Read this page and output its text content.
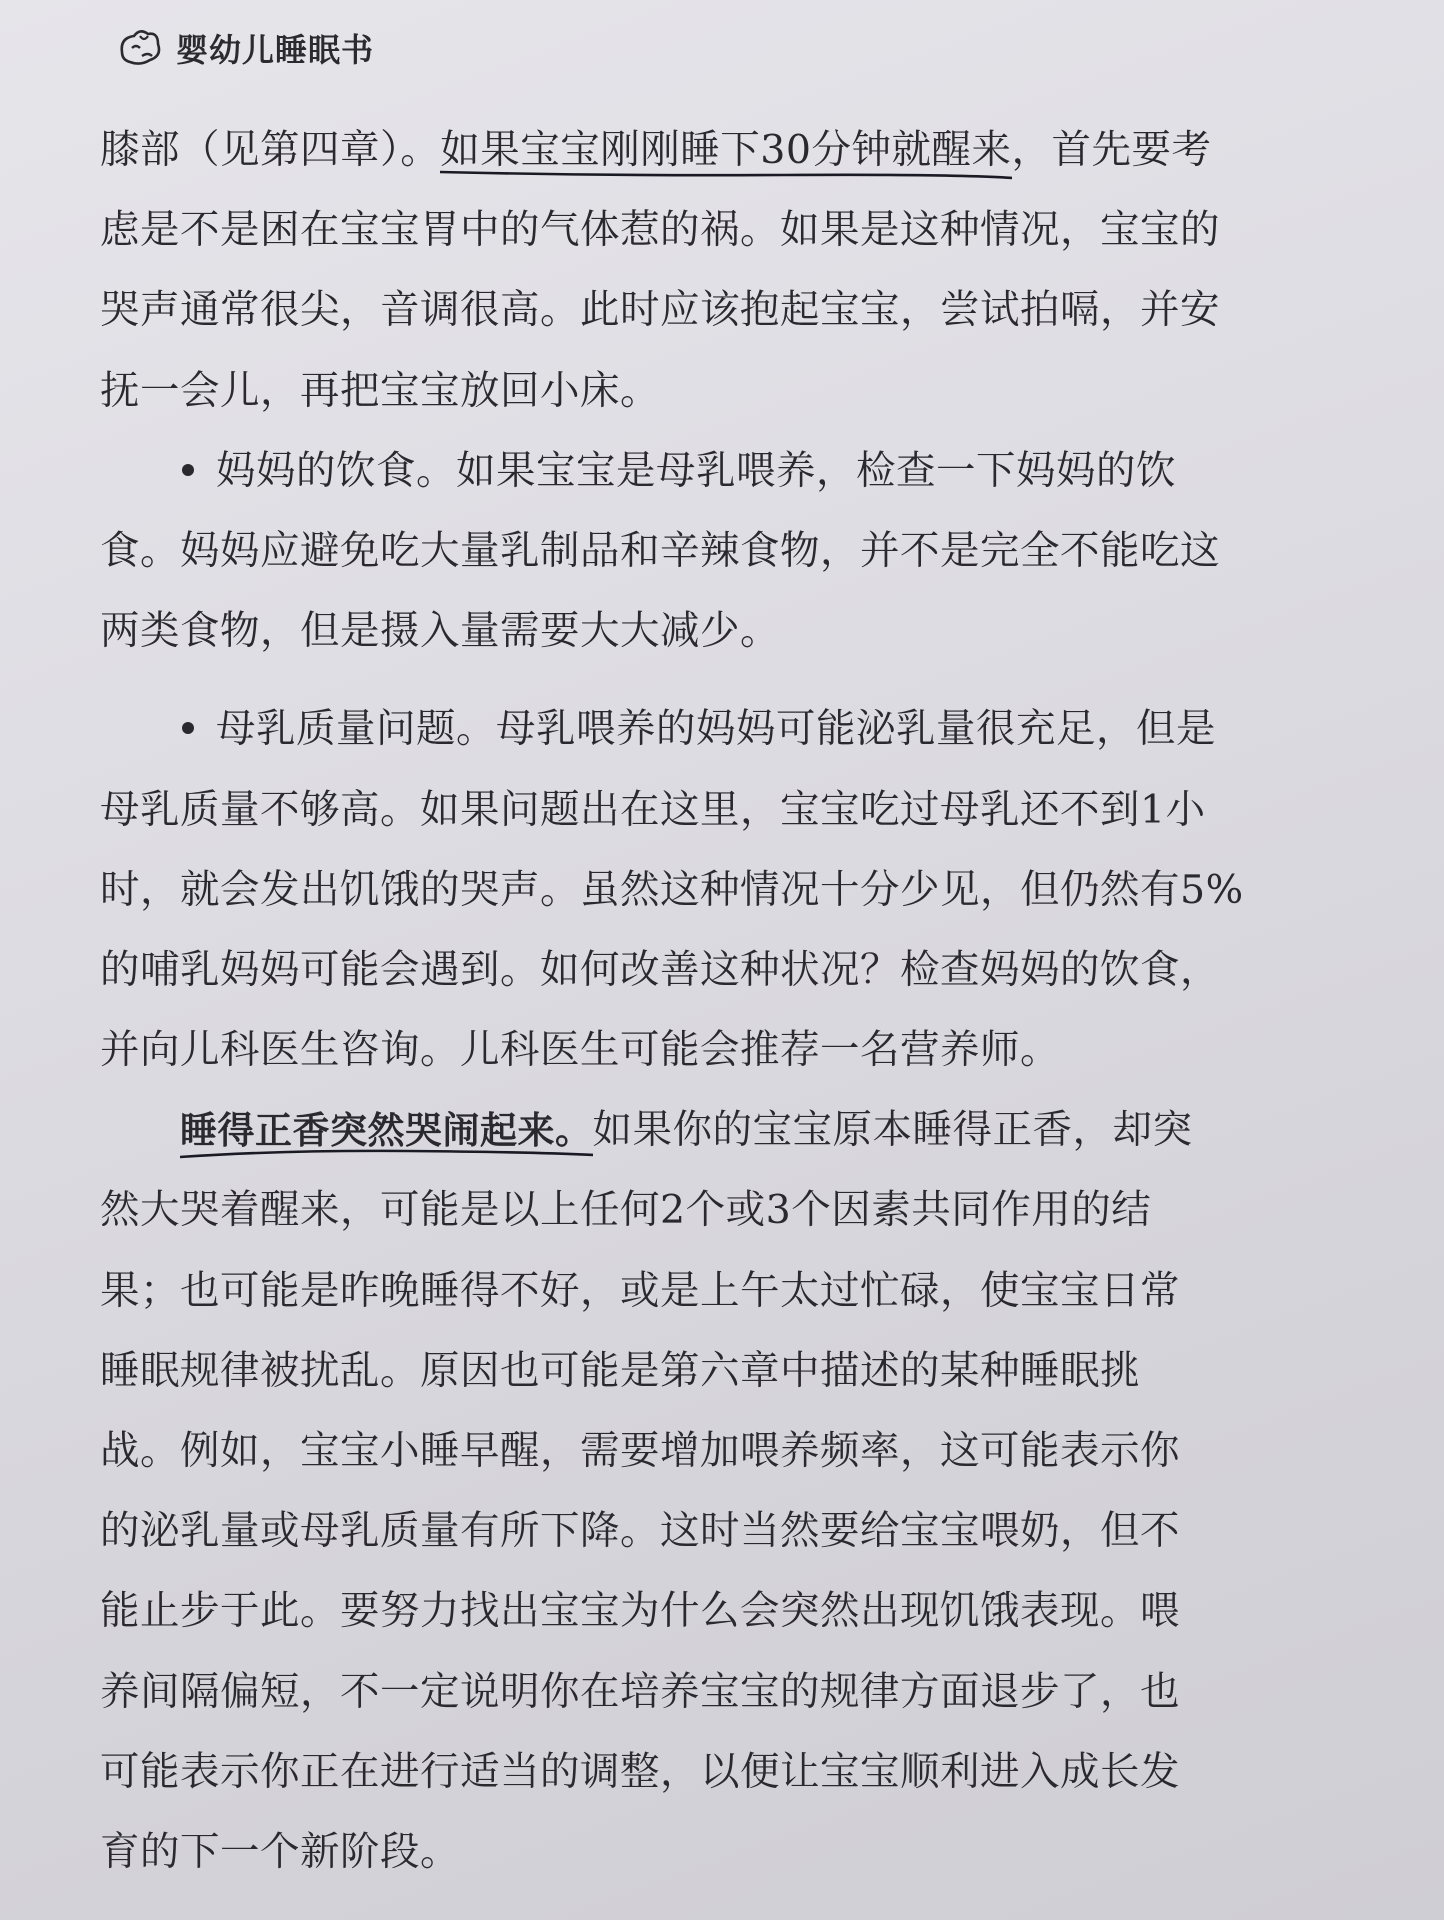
婴幼儿睡眠书
膝部（见第四章）。如果宝宝刚刚睡下30分钟就醒来，首先要考
虑是不是困在宝宝胃中的气体惹的祸。如果是这种情况，宝宝的
哭声通常很尖，音调很高。此时应该抱起宝宝，尝试拍嗝，并安
抚一会儿，再把宝宝放回小床。
妈妈的饮食。如果宝宝是母乳喂养，检查一下妈妈的饮
食。妈妈应避免吃大量乳制品和辛辣食物，并不是完全不能吃这
两类食物，但是摄入量需要大大减少。
母乳质量问题。母乳喂养的妈妈可能泌乳量很充足，但是
母乳质量不够高。如果问题出在这里，宝宝吃过母乳还不到1小
时，就会发出饥饿的哭声。虽然这种情况十分少见，但仍然有5%
的哺乳妈妈可能会遇到。如何改善这种状况？检查妈妈的饮食，
并向儿科医生咨询。儿科医生可能会推荐一名营养师。
睡得正香突然哭闹起来。如果你的宝宝原本睡得正香，却突
然大哭着醒来，可能是以上任何2个或3个因素共同作用的结
果；也可能是昨晚睡得不好，或是上午太过忙碌，使宝宝日常
睡眠规律被扰乱。原因也可能是第六章中描述的某种睡眠挑
战。例如，宝宝小睡早醒，需要增加喂养频率，这可能表示你
的泌乳量或母乳质量有所下降。这时当然要给宝宝喂奶，但不
能止步于此。要努力找出宝宝为什么会突然出现饥饿表现。喂
养间隔偏短，不一定说明你在培养宝宝的规律方面退步了，也
可能表示你正在进行适当的调整，以便让宝宝顺利进入成长发
育的下一个新阶段。
